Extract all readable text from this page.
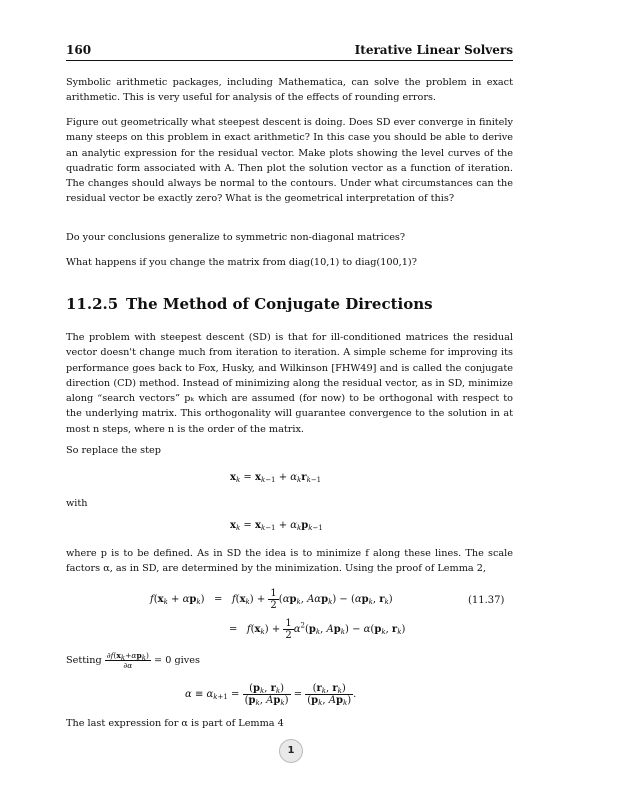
160	Iterative Linear Solvers

Symbolic arithmetic packages, including Mathematica, can solve the problem in exact arithmetic. This is very useful for analysis of the effects of rounding errors.

Figure out geometrically what steepest descent is doing. Does SD ever converge in finitely many steeps on this problem in exact arithmetic? In this case you should be able to derive an analytic expression for the residual vector. Make plots showing the level curves of the quadratic form associated with A. Then plot the solution vector as a function of iteration. The changes should always be normal to the contours. Under what circumstances can the residual vector be exactly zero? What is the geometrical interpretation of this?

Do your conclusions generalize to symmetric non-diagonal matrices?

What happens if you change the matrix from diag(10,1) to diag(100,1)?

11.2.5 The Method of Conjugate Directions

The problem with steepest descent (SD) is that for ill-conditioned matrices the residual vector doesn't change much from iteration to iteration. A simple scheme for improving its performance goes back to Fox, Husky, and Wilkinson [FHW49] and is called the conjugate direction (CD) method. Instead of minimizing along the residual vector, as in SD, minimize along “search vectors” pₖ which are assumed (for now) to be orthogonal with respect to the underlying matrix. This orthogonality will guarantee convergence to the solution in at most n steps, where n is the order of the matrix.

So replace the step

$x_k = x_{k-1} + \alpha_kr_{k-1}$

with

$x_k = x_{k-1} + \alpha_kp_{k-1}$

where p is to be defined. As in SD the idea is to minimize f along these lines. The scale factors α, as in SD, are determined by the minimization. Using the proof of Lemma 2,

$f(x_k + \alpha p_k) = f(x_k) + \frac{1}{2} (\alpha p_k$, $A\alpha p_k) - (\alpha p_k$, $r_k$)	(11.37)
=   $f(x_k) + \frac{1}{2} \alpha^2(p_k$, $Ap_k) - \alpha(p_k$, $r_k$)
Setting $\frac{\partial f(x_k+\alpha p_k)}{\partial\alpha} = 0$ gives
$\alpha \equiv \alpha_{k+1} = \frac{(p_k, r_k)}{(p_k, Ap_k)} = \frac{(r_k, r_k)}{(p_k, Ap_k)}$ .

The last expression for α is part of Lemma 4

1
